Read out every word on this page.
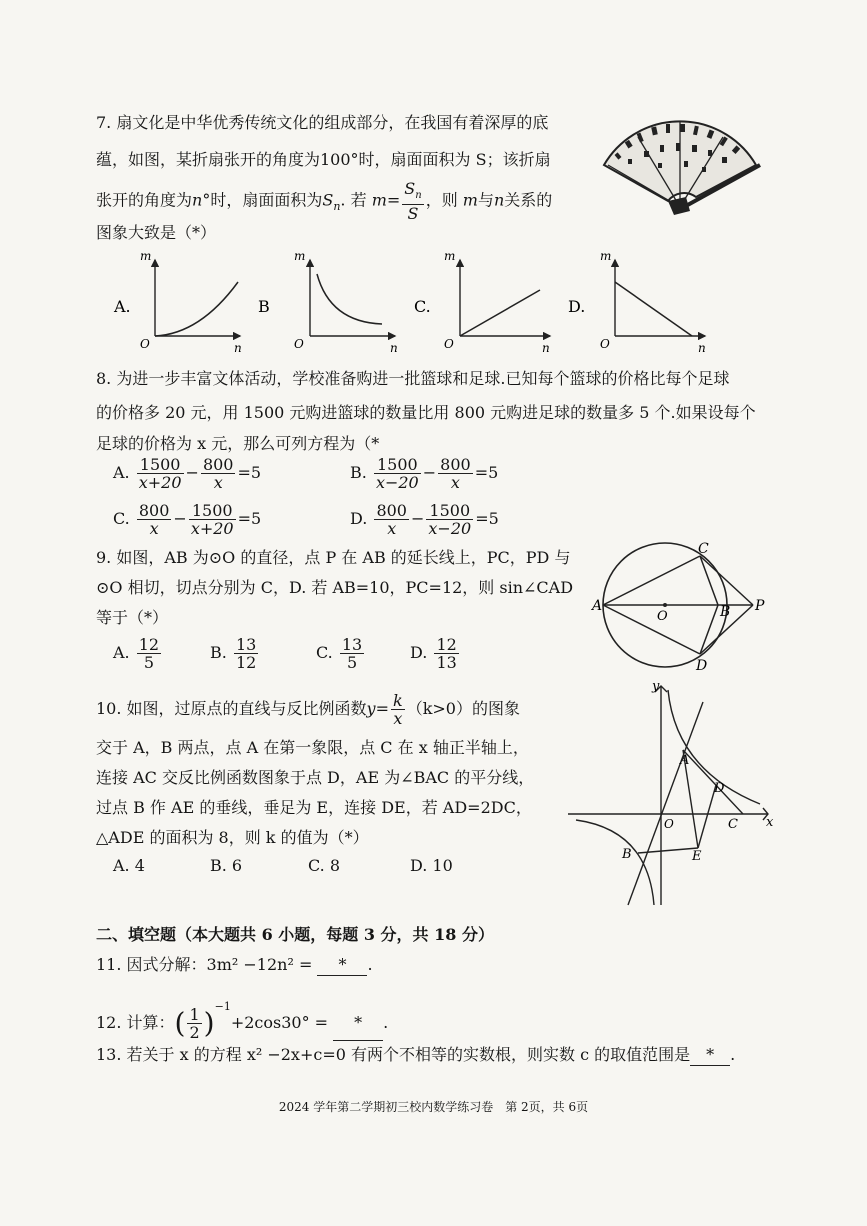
7. 扇文化是中华优秀传统文化的组成部分，在我国有着深厚的底
蕴，如图，某折扇张开的角度为100°时，扇面面积为 S；该折扇
张开的角度为n°时，扇面面积为$S_n$. 若 $m= \frac{S_n}{S}$ ，则 m与n关系的
图象大致是（*）
A.
m
O	n
B
m
O	n
C.
m
O	n
D.
m
O	n
8. 为进一步丰富文体活动，学校准备购进一批篮球和足球.已知每个篮球的价格比每个足球
的价格多 20 元，用 1500 元购进篮球的数量比用 800 元购进足球的数量多 5 个.如果设每个
足球的价格为 x 元，那么可列方程为（*
A. $\frac{1500}{x+20} - \frac{800}{x} =5$	B. $\frac{1500}{x-20} - \frac{800}{x} =5$
C. $\frac{800}{x} - \frac{1500}{x+20} =5$	D. $\frac{800}{x} - \frac{1500}{x-20} =5$
9. 如图，AB 为⊙O 的直径，点 P 在 AB 的延长线上，PC，PD 与
⊙O 相切，切点分别为 C，D. 若 AB=10，PC=12，则 sin∠CAD
等于（*）
A. $\frac{12}{5}$	B. $\frac{13}{12}$	C. $\frac{13}{5}$	D. $\frac{12}{13}$
A
O	B P
C
D
10. 如图，过原点的直线与反比例函数$y= \frac{k}{x} (k>0)$的图象
交于 A，B 两点，点 A 在第一象限，点 C 在 x 轴正半轴上，
连接 AC 交反比例函数图象于点 D，AE 为∠BAC 的平分线，
过点 B 作 AE 的垂线，垂足为 E，连接 DE，若 AD=2DC，
△ADE 的面积为 8，则 k 的值为（*）
A. 4	B. 6	C. 8	D. 10
y
x
A
B
C
D
E
O
二、填空题（本大题共 6 小题，每题 3 分，共 18 分）
11. 因式分解：3m² −12n² = * .
12. 计算：( $\frac{1}{2} )^{-1}+2\cos 30^\circ$ = * .
13. 若关于 x 的方程 x² −2x+c=0 有两个不相等的实数根，则实数 c 的取值范围是 * .
2024 学年第二学期初三校内数学练习卷　第 2页，共 6页
